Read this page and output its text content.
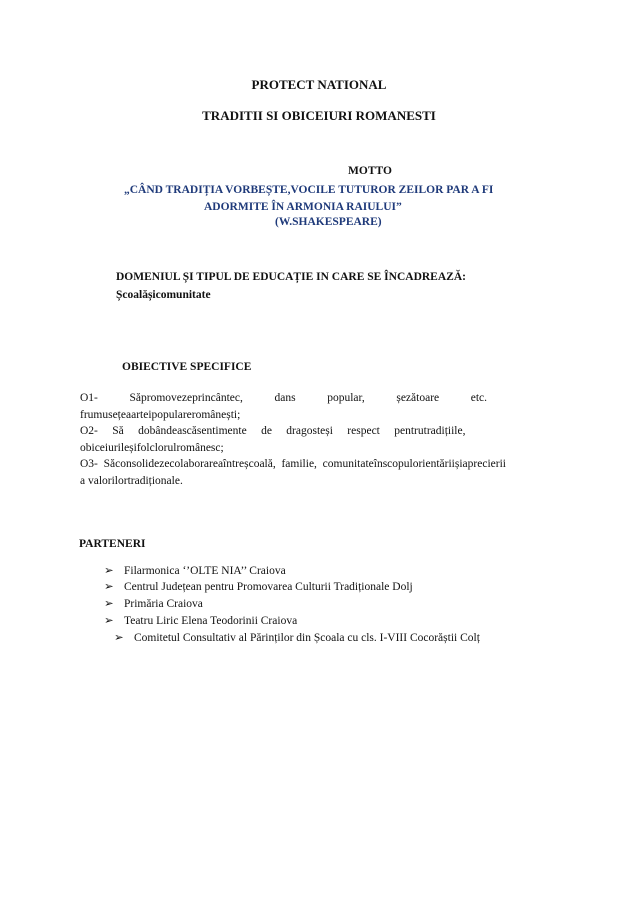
PROTECT NATIONAL
TRADITII SI OBICEIURI ROMANESTI
MOTTO
„CÂND TRADIȚIA VORBEȘTE,VOCILE TUTUROR ZEILOR PAR A FI
ADORMITE ÎN ARMONIA RAIULUI”
(W.SHAKESPEARE)
DOMENIUL ȘI TIPUL DE EDUCAȚIE IN CARE SE ÎNCADREAZĂ:
Școalășicomunitate
OBIECTIVE SPECIFICE
O1-           Săpromovezeprincântec,           dans           popular,           șezătoare           etc.
frumusețeaarteipopulareromânești;
O2-     Să     dobândeascăsentimente     de     dragosteși     respect     pentrutradițiile,
obiceiurileșifolclorulromânesc;
O3-  Săconsolidezecolaborareaîntreșcoală,  familie,  comunitateînscopulorientăriișiaprecierii
a valorilortradiționale.
PARTENERI
➢ Filarmonica ‘’OLTE NIA’’ Craiova
➢ Centrul Județean pentru Promovarea Culturii Tradiționale Dolj
➢ Primăria Craiova
➢ Teatru Liric Elena Teodorinii Craiova
➢ Comitetul Consultativ al Părinților din Școala cu cls. I-VIII Cocorăștii Colț
